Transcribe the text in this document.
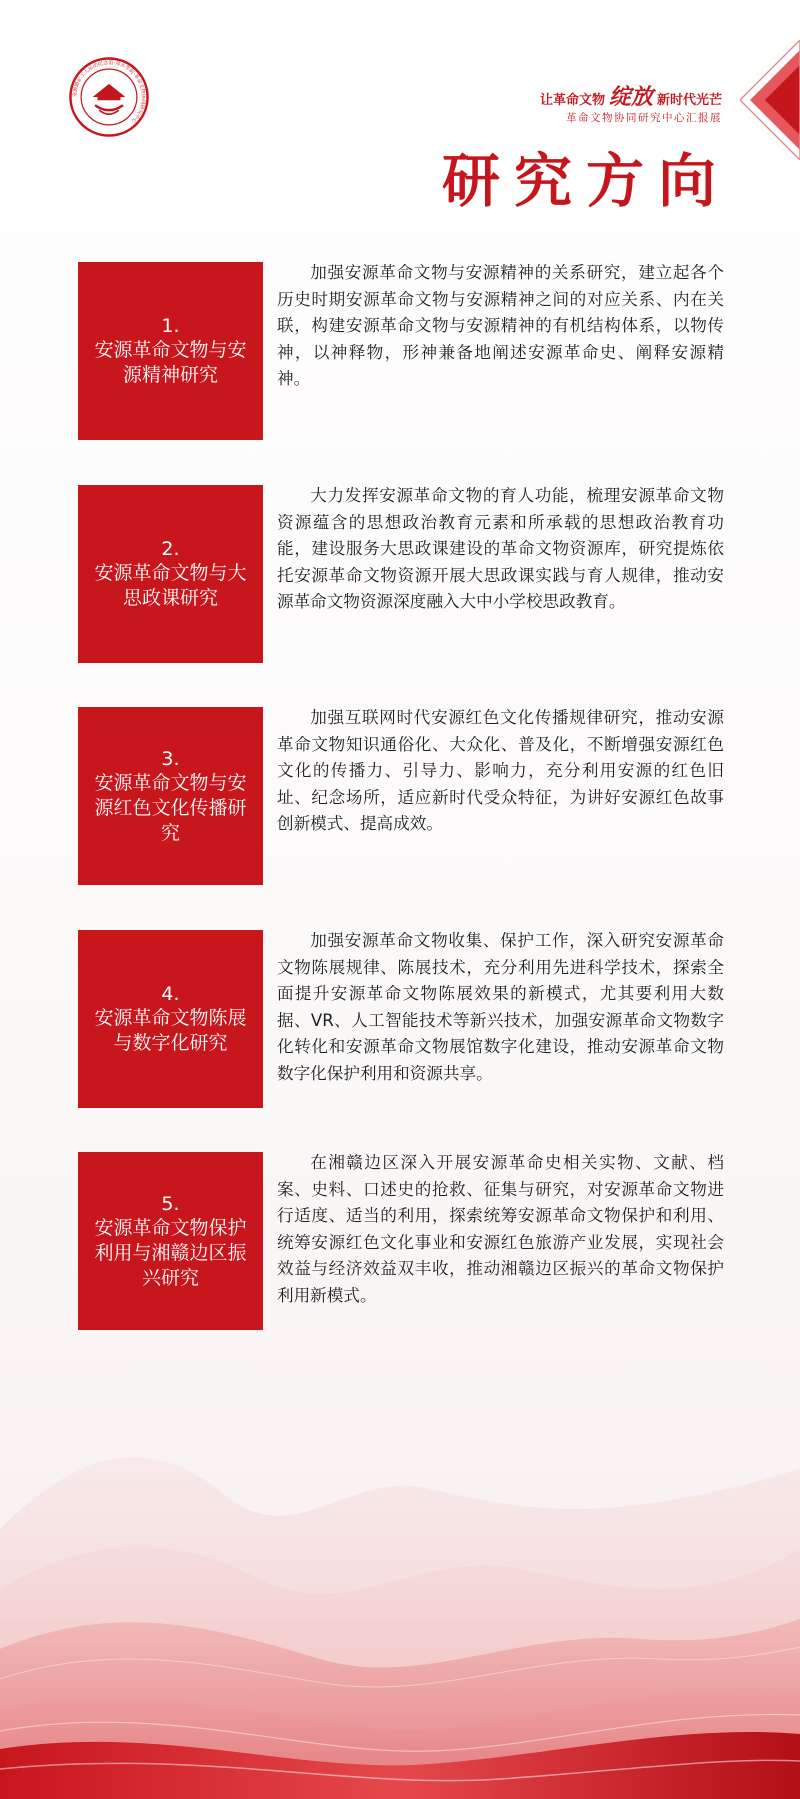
安源路矿工人运动纪念馆·萍乡学院·革命文物协同研究中心
让革命文物 绽放 新时代光芒
革命文物协同研究中心汇报展
研究方向
1.
安源革命文物与安源精神研究

加强安源革命文物与安源精神的关系研究，建立起各个历史时期安源革命文物与安源精神之间的对应关系、内在关联，构建安源革命文物与安源精神的有机结构体系，以物传神，以神释物，形神兼备地阐述安源革命史、阐释安源精神。

2.
安源革命文物与大思政课研究

大力发挥安源革命文物的育人功能，梳理安源革命文物资源蕴含的思想政治教育元素和所承载的思想政治教育功能，建设服务大思政课建设的革命文物资源库，研究提炼依托安源革命文物资源开展大思政课实践与育人规律，推动安源革命文物资源深度融入大中小学校思政教育。

3.
安源革命文物与安源红色文化传播研究

加强互联网时代安源红色文化传播规律研究，推动安源革命文物知识通俗化、大众化、普及化，不断增强安源红色文化的传播力、引导力、影响力，充分利用安源的红色旧址、纪念场所，适应新时代受众特征，为讲好安源红色故事创新模式、提高成效。

4.
安源革命文物陈展与数字化研究

加强安源革命文物收集、保护工作，深入研究安源革命文物陈展规律、陈展技术，充分利用先进科学技术，探索全面提升安源革命文物陈展效果的新模式，尤其要利用大数据、VR、人工智能技术等新兴技术，加强安源革命文物数字化转化和安源革命文物展馆数字化建设，推动安源革命文物数字化保护利用和资源共享。

5.
安源革命文物保护利用与湘赣边区振兴研究

在湘赣边区深入开展安源革命史相关实物、文献、档案、史料、口述史的抢救、征集与研究，对安源革命文物进行适度、适当的利用，探索统筹安源革命文物保护和利用、统筹安源红色文化事业和安源红色旅游产业发展，实现社会效益与经济效益双丰收，推动湘赣边区振兴的革命文物保护利用新模式。
